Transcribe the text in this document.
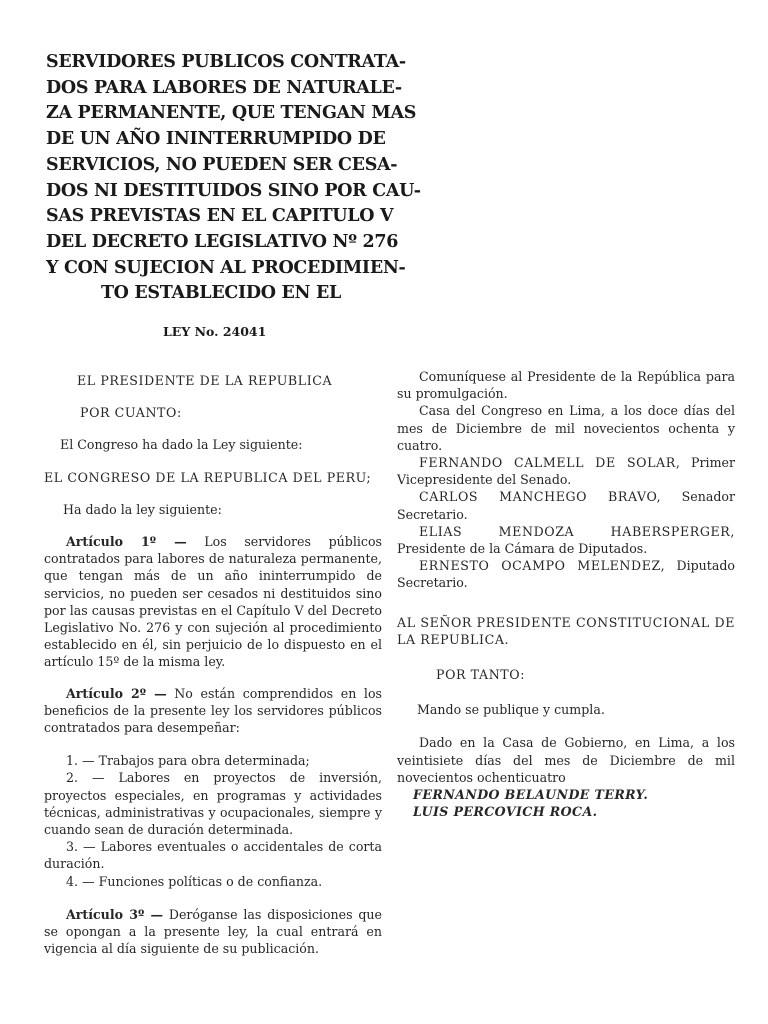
SERVIDORES PUBLICOS CONTRATA-
DOS PARA LABORES DE NATURALE-
ZA PERMANENTE, QUE TENGAN MAS
DE UN AÑO ININTERRUMPIDO DE
SERVICIOS, NO PUEDEN SER CESA-
DOS NI DESTITUIDOS SINO POR CAU-
SAS PREVISTAS EN EL CAPITULO V
DEL DECRETO LEGISLATIVO Nº 276
Y CON SUJECION AL PROCEDIMIEN-
TO ESTABLECIDO EN EL
LEY No. 24041

EL PRESIDENTE DE LA REPUBLICA

POR CUANTO:

El Congreso ha dado la Ley siguiente:

EL CONGRESO DE LA REPUBLICA DEL PERU;

Ha dado la ley siguiente:

Artículo 1º — Los servidores públicos contratados para labores de naturaleza permanente, que tengan más de un año ininterrumpido de servicios, no pueden ser cesados ni destituidos sino por las causas previstas en el Capítulo V del Decreto Legislativo No. 276 y con sujeción al procedimiento establecido en él, sin perjuicio de lo dispuesto en el artículo 15º de la misma ley.

Artículo 2º — No están comprendidos en los beneficios de la presente ley los servidores públicos contratados para desempeñar:

1. — Trabajos para obra determinada;

2. — Labores en proyectos de inversión, proyectos especiales, en programas y actividades técnicas, administrativas y ocupacionales, siempre y cuando sean de duración determinada.

3. — Labores eventuales o accidentales de corta duración.

4. — Funciones políticas o de confianza.

Artículo 3º — Deróganse las disposiciones que se opongan a la presente ley, la cual entrará en vigencia al día siguiente de su publicación.

Comuníquese al Presidente de la República para su promulgación.

Casa del Congreso en Lima, a los doce días del mes de Diciembre de mil novecientos ochenta y cuatro.

FERNANDO CALMELL DE SOLAR, Primer Vicepresidente del Senado.

CARLOS MANCHEGO BRAVO, Senador Secretario.

ELIAS MENDOZA HABERSPERGER, Presidente de la Cámara de Diputados.

ERNESTO OCAMPO MELENDEZ, Diputado Secretario.

AL SEÑOR PRESIDENTE CONSTITUCIONAL DE LA REPUBLICA.

POR TANTO:

Mando se publique y cumpla.

Dado en la Casa de Gobierno, en Lima, a los veintisiete días del mes de Diciembre de mil novecientos ochenticuatro

FERNANDO BELAUNDE TERRY.

LUIS PERCOVICH ROCA.
